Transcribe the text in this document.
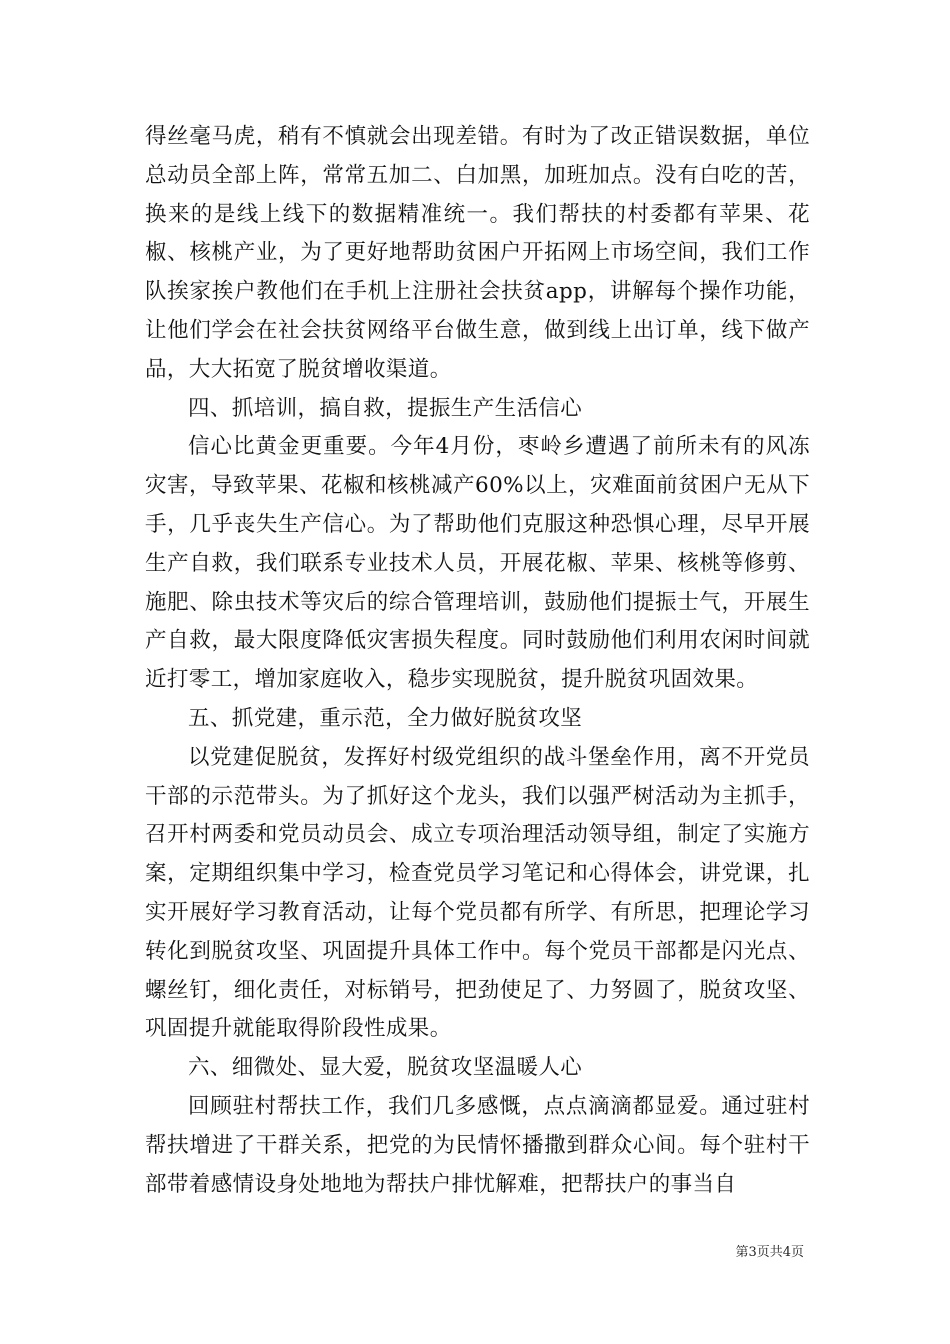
得丝毫马虎，稍有不慎就会出现差错。有时为了改正错误数据，单位总动员全部上阵，常常五加二、白加黑，加班加点。没有白吃的苦，换来的是线上线下的数据精准统一。我们帮扶的村委都有苹果、花椒、核桃产业，为了更好地帮助贫困户开拓网上市场空间，我们工作队挨家挨户教他们在手机上注册社会扶贫app，讲解每个操作功能，让他们学会在社会扶贫网络平台做生意，做到线上出订单，线下做产品，大大拓宽了脱贫增收渠道。

四、抓培训，搞自救，提振生产生活信心

信心比黄金更重要。今年4月份，枣岭乡遭遇了前所未有的风冻灾害，导致苹果、花椒和核桃减产60%以上，灾难面前贫困户无从下手，几乎丧失生产信心。为了帮助他们克服这种恐惧心理，尽早开展生产自救，我们联系专业技术人员，开展花椒、苹果、核桃等修剪、施肥、除虫技术等灾后的综合管理培训，鼓励他们提振士气，开展生产自救，最大限度降低灾害损失程度。同时鼓励他们利用农闲时间就近打零工，增加家庭收入，稳步实现脱贫，提升脱贫巩固效果。

五、抓党建，重示范，全力做好脱贫攻坚

以党建促脱贫，发挥好村级党组织的战斗堡垒作用，离不开党员干部的示范带头。为了抓好这个龙头，我们以强严树活动为主抓手，召开村两委和党员动员会、成立专项治理活动领导组，制定了实施方案，定期组织集中学习，检查党员学习笔记和心得体会，讲党课，扎实开展好学习教育活动，让每个党员都有所学、有所思，把理论学习转化到脱贫攻坚、巩固提升具体工作中。每个党员干部都是闪光点、螺丝钉，细化责任，对标销号，把劲使足了、力努圆了，脱贫攻坚、巩固提升就能取得阶段性成果。

六、细微处、显大爱，脱贫攻坚温暖人心

回顾驻村帮扶工作，我们几多感慨，点点滴滴都显爱。通过驻村帮扶增进了干群关系，把党的为民情怀播撒到群众心间。每个驻村干部带着感情设身处地地为帮扶户排忧解难，把帮扶户的事当自

第3页共4页
